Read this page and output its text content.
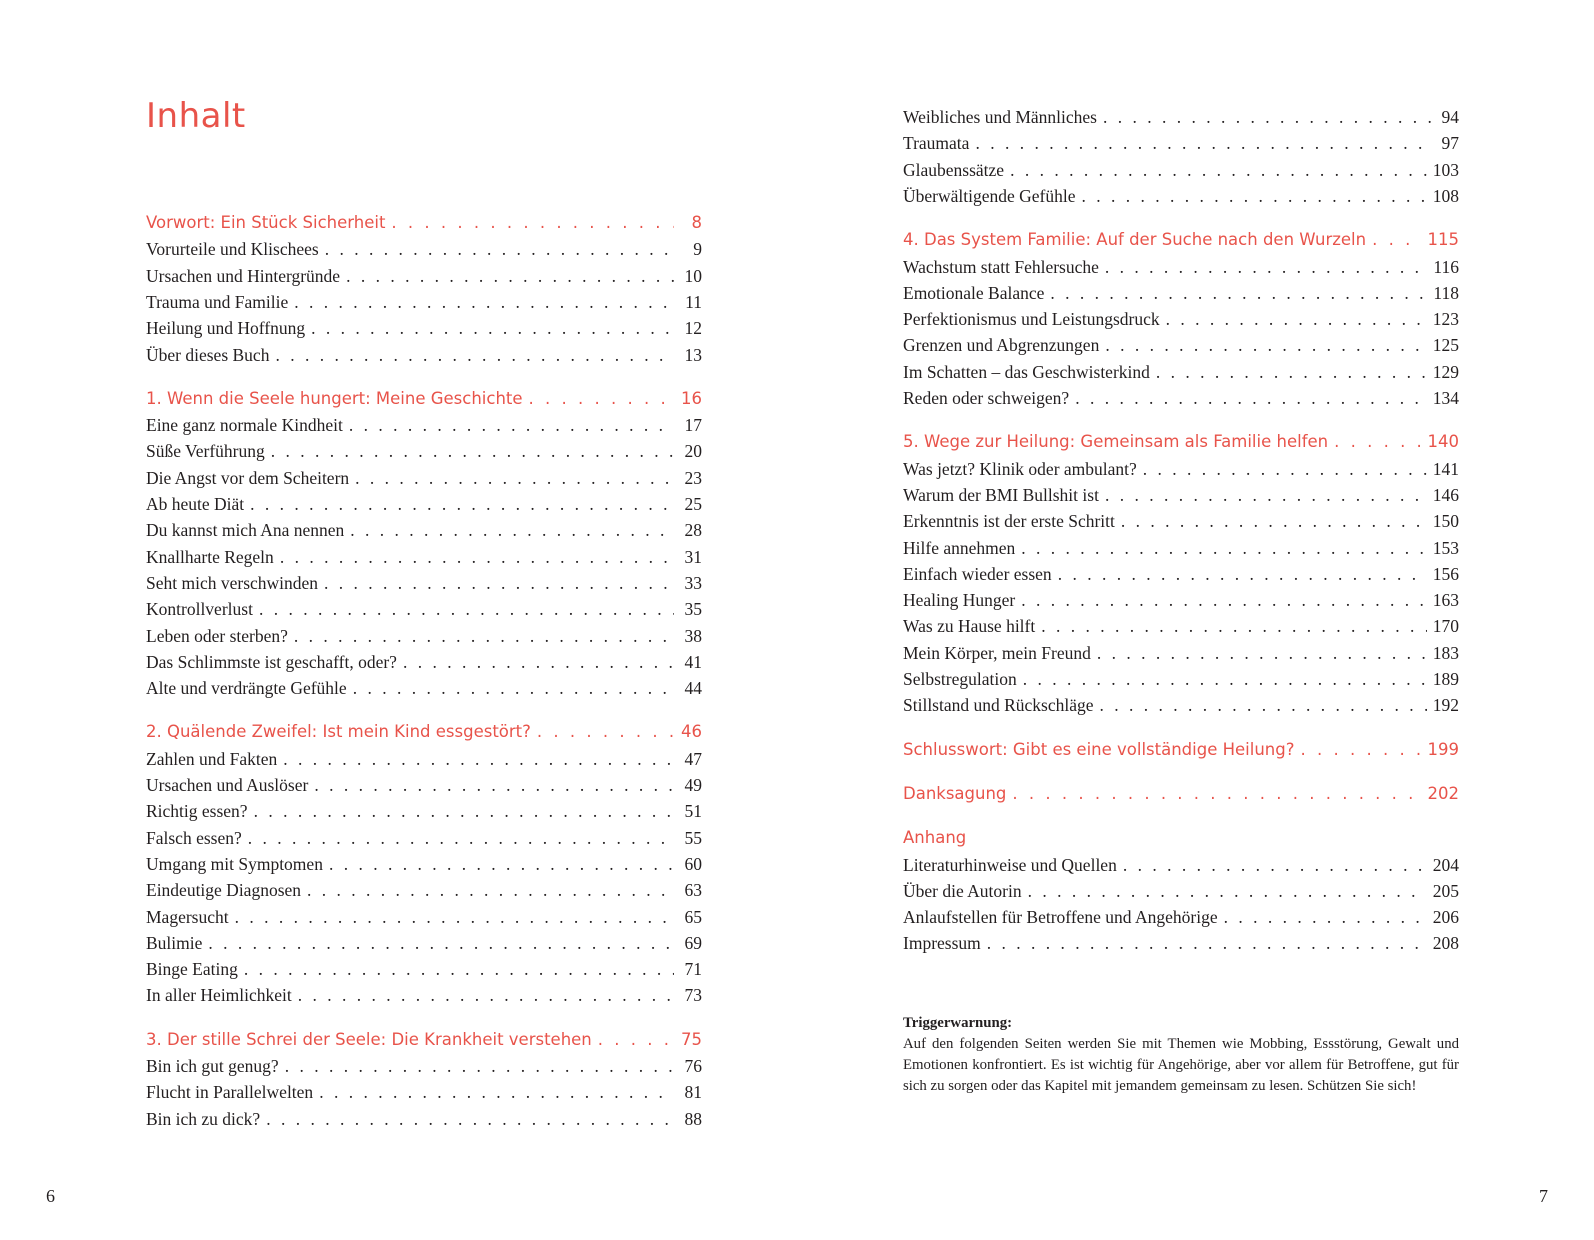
Inhalt
Vorwort: Ein Stück Sicherheit . . .	8
Vorurteile und Klischees . . .	9
Ursachen und Hintergründe . . .	10
Trauma und Familie . . .	11
Heilung und Hoffnung . . .	12
Über dieses Buch . . .	13
1. Wenn die Seele hungert: Meine Geschichte . . .	16
Eine ganz normale Kindheit . . .	17
Süße Verführung . . .	20
Die Angst vor dem Scheitern . . .	23
Ab heute Diät . . .	25
Du kannst mich Ana nennen . . .	28
Knallharte Regeln . . .	31
Seht mich verschwinden . . .	33
Kontrollverlust . . .	35
Leben oder sterben? . . .	38
Das Schlimmste ist geschafft, oder? . . .	41
Alte und verdrängte Gefühle . . .	44
2. Quälende Zweifel: Ist mein Kind essgestört? . . .	46
Zahlen und Fakten . . .	47
Ursachen und Auslöser . . .	49
Richtig essen? . . .	51
Falsch essen? . . .	55
Umgang mit Symptomen . . .	60
Eindeutige Diagnosen . . .	63
Magersucht . . .	65
Bulimie . . .	69
Binge Eating . . .	71
In aller Heimlichkeit . . .	73
3. Der stille Schrei der Seele: Die Krankheit verstehen . . .	75
Bin ich gut genug? . . .	76
Flucht in Parallelwelten . . .	81
Bin ich zu dick? . . .	88
Weibliches und Männliches . . .	94
Traumata . . .	97
Glaubenssätze . . .	103
Überwältigende Gefühle . . .	108
4. Das System Familie: Auf der Suche nach den Wurzeln . . .	115
Wachstum statt Fehlersuche . . .	116
Emotionale Balance . . .	118
Perfektionismus und Leistungsdruck . . .	123
Grenzen und Abgrenzungen . . .	125
Im Schatten – das Geschwisterkind . . .	129
Reden oder schweigen? . . .	134
5. Wege zur Heilung: Gemeinsam als Familie helfen . . .	140
Was jetzt? Klinik oder ambulant? . . .	141
Warum der BMI Bullshit ist . . .	146
Erkenntnis ist der erste Schritt . . .	150
Hilfe annehmen . . .	153
Einfach wieder essen . . .	156
Healing Hunger . . .	163
Was zu Hause hilft . . .	170
Mein Körper, mein Freund . . .	183
Selbstregulation . . .	189
Stillstand und Rückschläge . . .	192
Schlusswort: Gibt es eine vollständige Heilung? . . .	199
Danksagung . . .	202
Anhang
Literaturhinweise und Quellen . . .	204
Über die Autorin . . .	205
Anlaufstellen für Betroffene und Angehörige . . .	206
Impressum . . .	208
Triggerwarnung:
Auf den folgenden Seiten werden Sie mit Themen wie Mobbing, Essstörung, Gewalt und Emotionen konfrontiert. Es ist wichtig für Angehörige, aber vor allem für Betroffene, gut für sich zu sorgen oder das Kapitel mit jemandem gemeinsam zu lesen. Schützen Sie sich!
6	7
